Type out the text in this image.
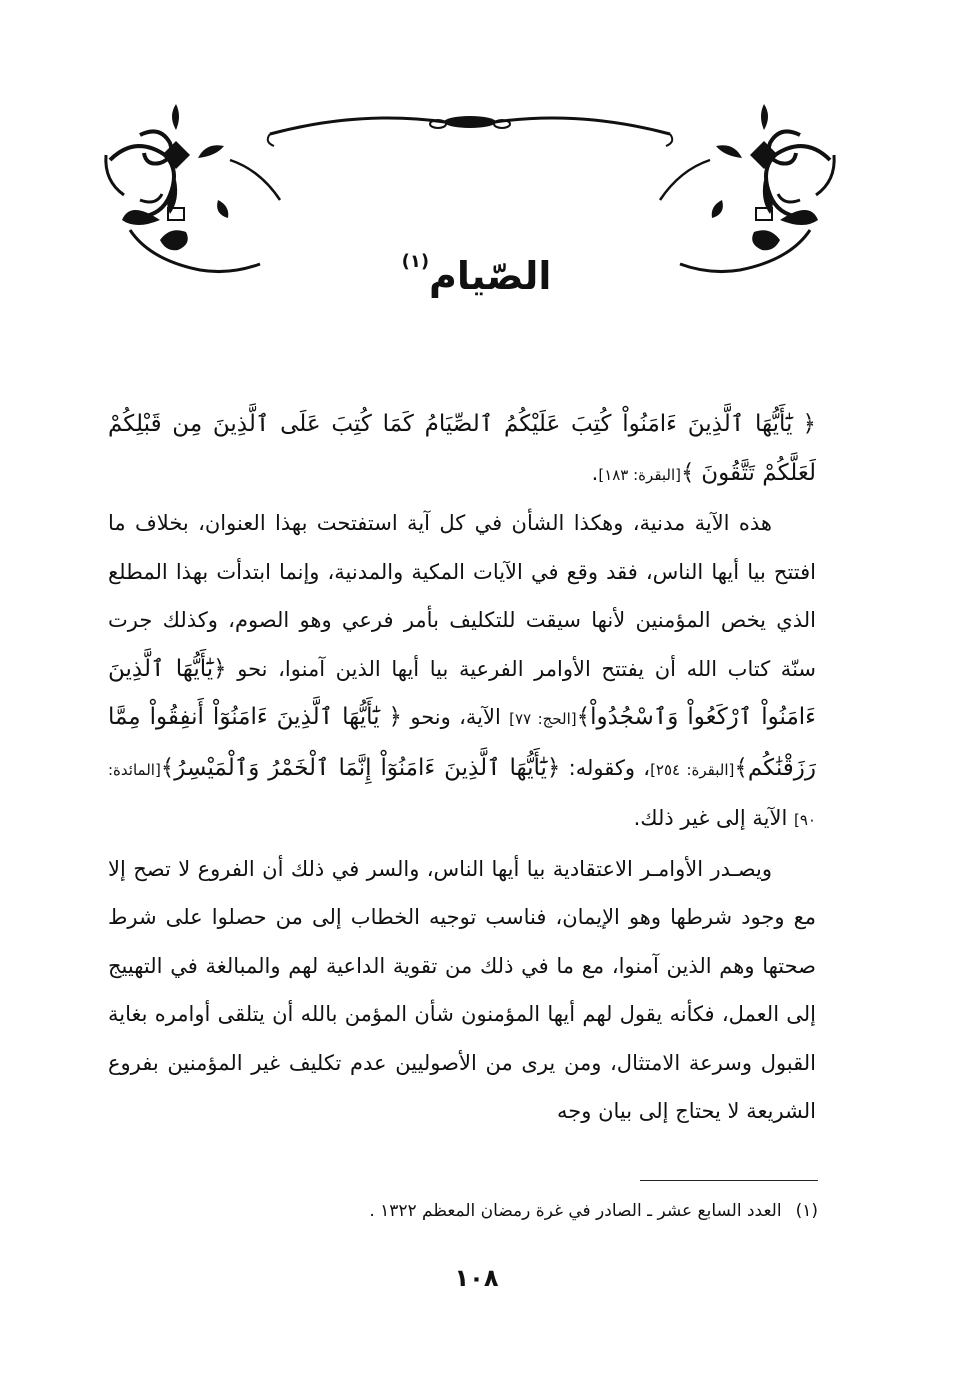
الصّيام$^{(١)}$

﴿ يَٰٓأَيُّهَا ٱلَّذِينَ ءَامَنُواْ كُتِبَ عَلَيْكُمُ ٱلصِّيَامُ كَمَا كُتِبَ عَلَى ٱلَّذِينَ مِن قَبْلِكُمْ لَعَلَّكُمْ تَتَّقُونَ ﴾[البقرة: ١٨٣].

هذه الآية مدنية، وهكذا الشأن في كل آية استفتحت بهذا العنوان، بخلاف ما افتتح بيا أيها الناس، فقد وقع في الآيات المكية والمدنية، وإنما ابتدأت بهذا المطلع الذي يخص المؤمنين لأنها سيقت للتكليف بأمر فرعي وهو الصوم، وكذلك جرت سنّة كتاب الله أن يفتتح الأوامر الفرعية بيا أيها الذين آمنوا، نحو ﴿يَٰٓأَيُّهَا ٱلَّذِينَ ءَامَنُواْ ٱرْكَعُواْ وَٱسْجُدُواْ﴾[الحج: ٧٧] الآية، ونحو ﴿ يَٰٓأَيُّهَا ٱلَّذِينَ ءَامَنُوٓاْ أَنفِقُواْ مِمَّا رَزَقْنَٰكُم﴾[البقرة: ٢٥٤]، وكقوله: ﴿يَٰٓأَيُّهَا ٱلَّذِينَ ءَامَنُوٓاْ إِنَّمَا ٱلْخَمْرُ وَٱلْمَيْسِرُ﴾[المائدة: ٩٠] الآية إلى غير ذلك.

ويصـدر الأوامـر الاعتقادية بيا أيها الناس، والسر في ذلك أن الفروع لا تصح إلا مع وجود شرطها وهو الإيمان، فناسب توجيه الخطاب إلى من حصلوا على شرط صحتها وهم الذين آمنوا، مع ما في ذلك من تقوية الداعية لهم والمبالغة في التهييج إلى العمل، فكأنه يقول لهم أيها المؤمنون شأن المؤمن بالله أن يتلقى أوامره بغاية القبول وسرعة الامتثال، ومن يرى من الأصوليين عدم تكليف غير المؤمنين بفروع الشريعة لا يحتاج إلى بيان وجه

(١)العدد السابع عشر ـ الصادر في غرة رمضان المعظم ١٣٢٢ .
١٠٨
